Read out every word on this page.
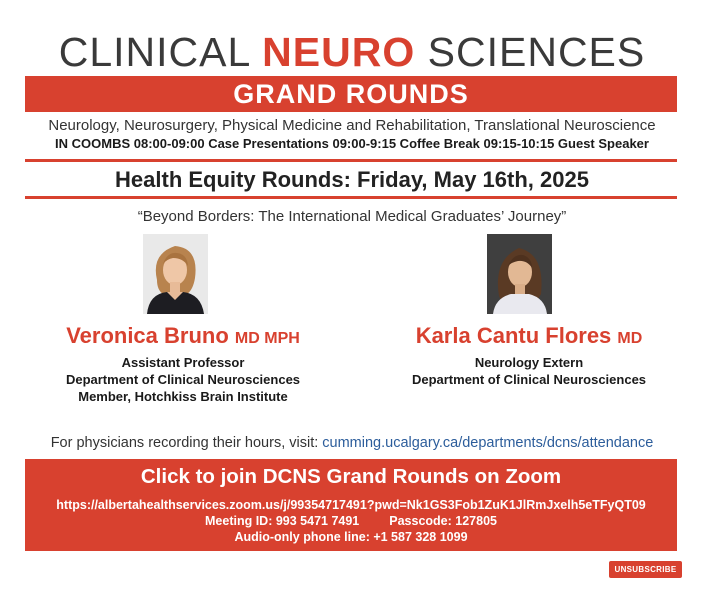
CLINICAL NEURO SCIENCES
GRAND ROUNDS
Neurology, Neurosurgery, Physical Medicine and Rehabilitation, Translational Neuroscience
IN COOMBS 08:00-09:00 Case Presentations 09:00-9:15 Coffee Break 09:15-10:15 Guest Speaker
Health Equity Rounds: Friday, May 16th, 2025
“Beyond Borders: The International Medical Graduates’ Journey”
Veronica Bruno MD MPH
Assistant Professor
Department of Clinical Neurosciences
Member, Hotchkiss Brain Institute
Karla Cantu Flores MD
Neurology Extern
Department of Clinical Neurosciences
For physicians recording their hours, visit: cumming.ucalgary.ca/departments/dcns/attendance
Click to join DCNS Grand Rounds on Zoom
https://albertahealthservices.zoom.us/j/99354717491?pwd=Nk1GS3Fob1ZuK1JlRmJxelh5eTFyQT09
Meeting ID: 993 5471 7491 Passcode: 127805
Audio-only phone line: +1 587 328 1099
UNSUBSCRIBE
